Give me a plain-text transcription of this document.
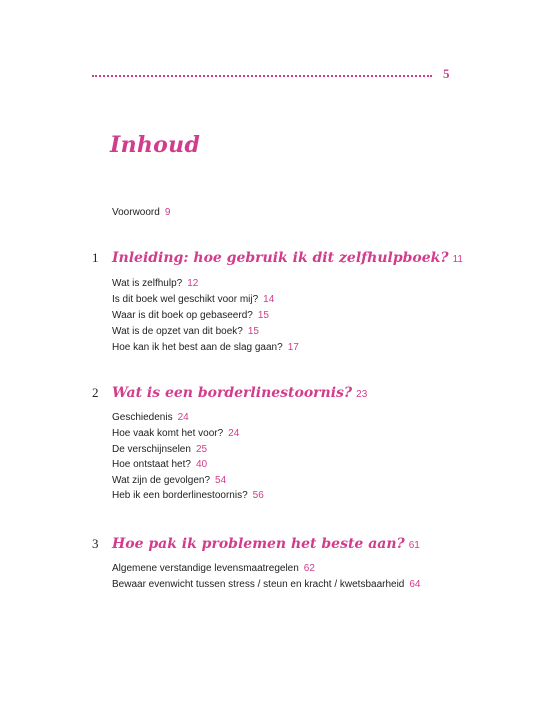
5
Inhoud
Voorwoord 9
1 Inleiding: hoe gebruik ik dit zelfhulpboek? 11
Wat is zelfhulp? 12
Is dit boek wel geschikt voor mij? 14
Waar is dit boek op gebaseerd? 15
Wat is de opzet van dit boek? 15
Hoe kan ik het best aan de slag gaan? 17
2 Wat is een borderlinestoornis? 23
Geschiedenis 24
Hoe vaak komt het voor? 24
De verschijnselen 25
Hoe ontstaat het? 40
Wat zijn de gevolgen? 54
Heb ik een borderlinestoornis? 56
3 Hoe pak ik problemen het beste aan? 61
Algemene verstandige levensmaatregelen 62
Bewaar evenwicht tussen stress / steun en kracht / kwetsbaarheid 64
